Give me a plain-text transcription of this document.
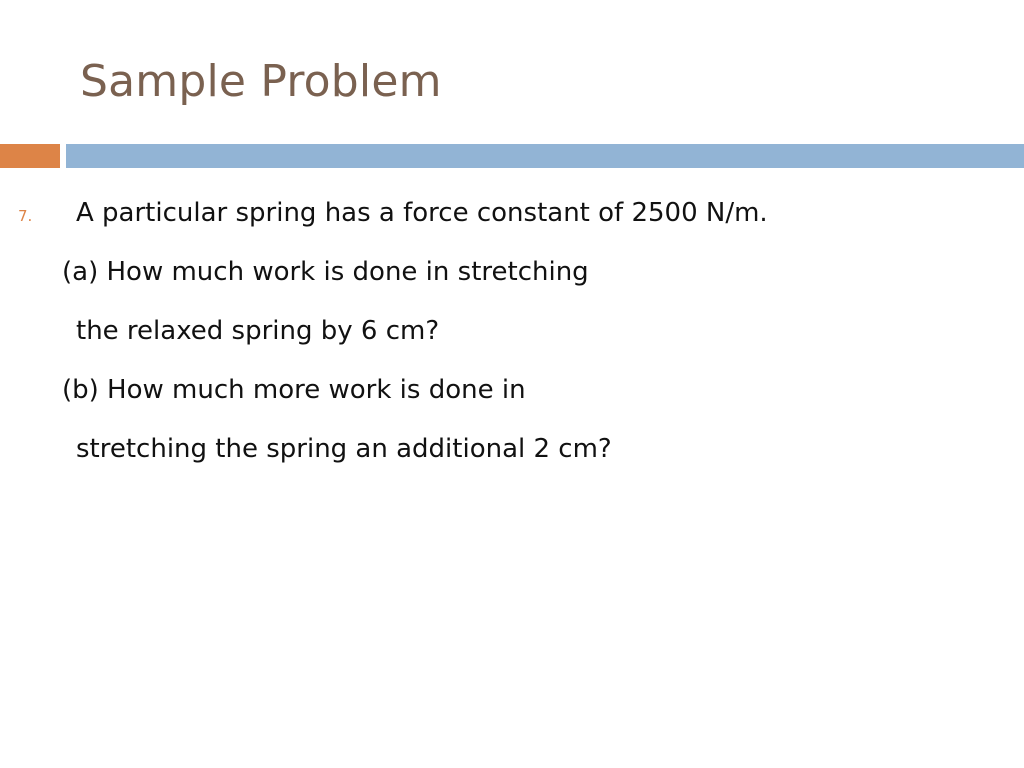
Sample Problem
7. A particular spring has a force constant of 2500 N/m.

(a) How much work is done in stretching

the relaxed spring by 6 cm?

(b) How much more work is done in

stretching the spring an additional 2 cm?
